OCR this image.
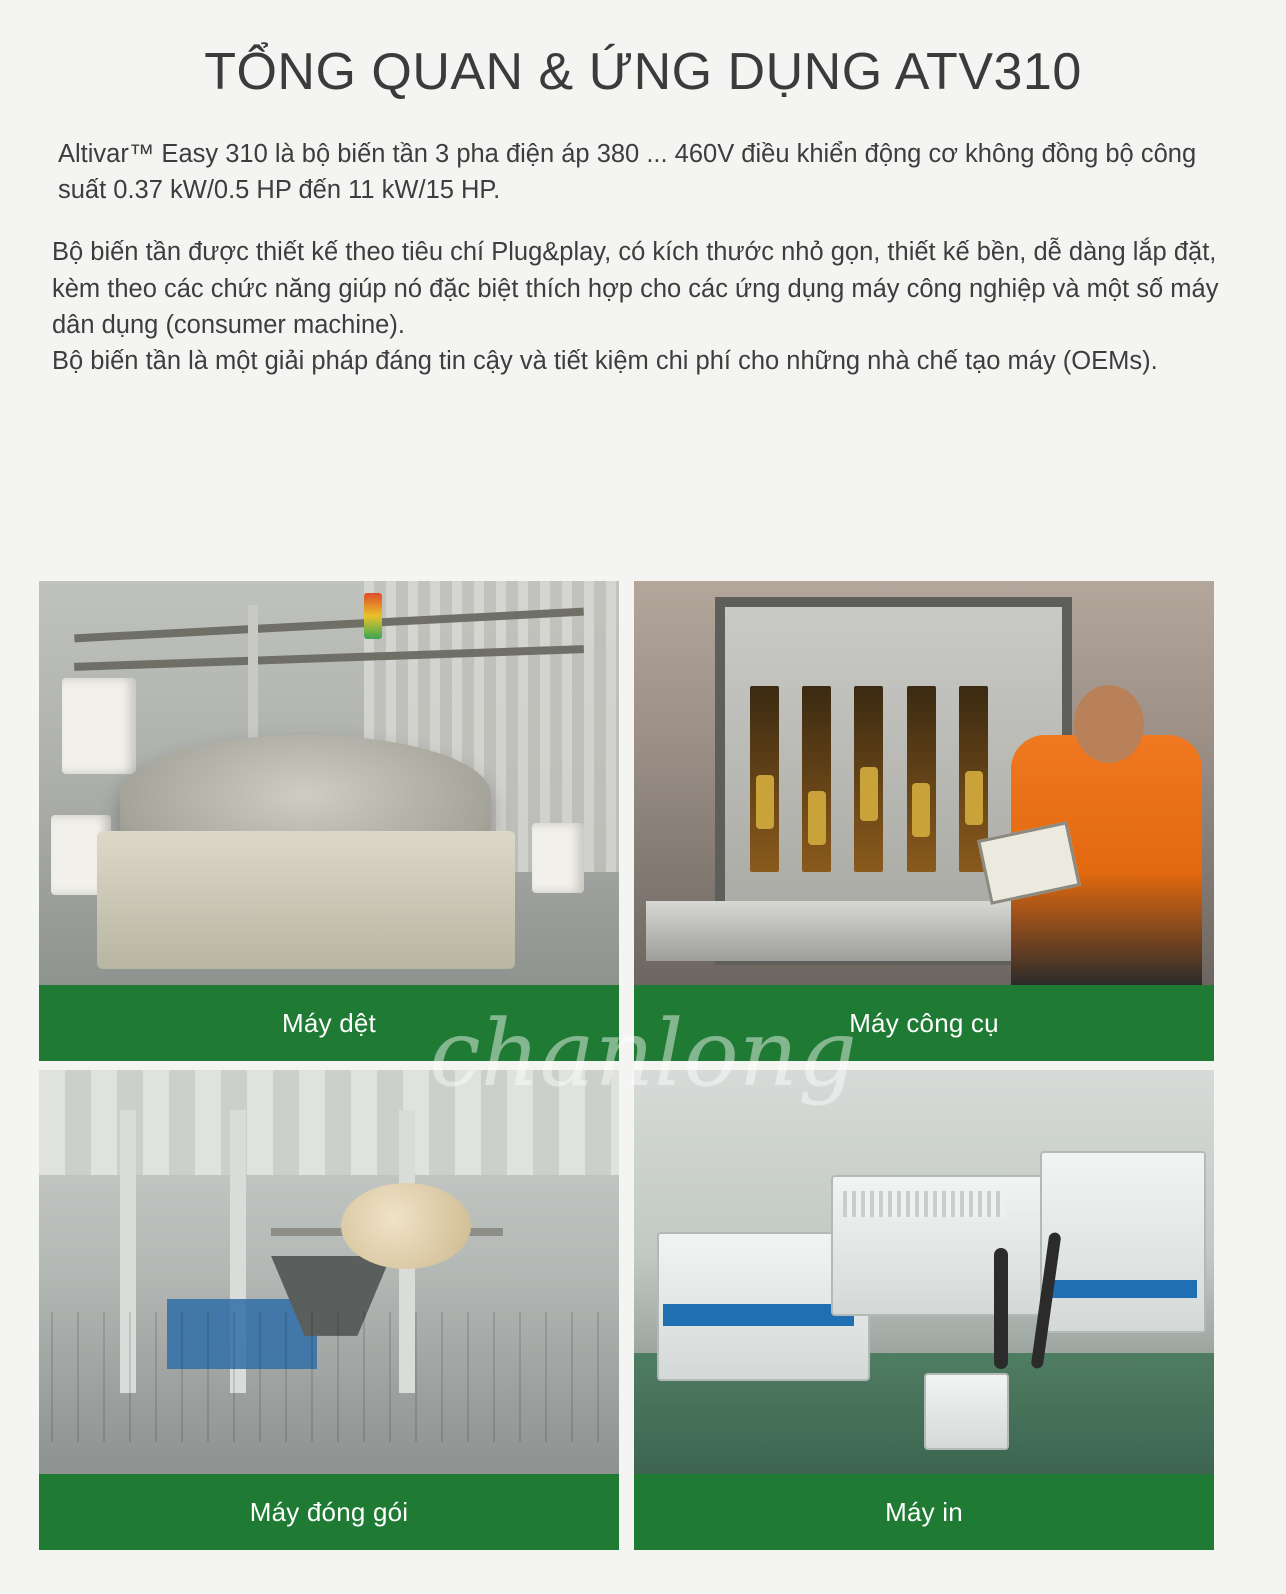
TỔNG QUAN & ỨNG DỤNG ATV310

Altivar™ Easy 310 là bộ biến tần 3 pha điện áp 380 ... 460V điều khiển động cơ không đồng bộ công suất 0.37 kW/0.5 HP đến 11 kW/15 HP.

Bộ biến tần được thiết kế theo tiêu chí Plug&play, có kích thước nhỏ gọn, thiết kế bền, dễ dàng lắp đặt, kèm theo các chức năng giúp nó đặc biệt thích hợp cho các ứng dụng máy công nghiệp và một số máy dân dụng (consumer machine).

Bộ biến tần là một giải pháp đáng tin cậy và tiết kiệm chi phí cho những nhà chế tạo máy (OEMs).

chanlong
Máy dệt	Máy công cụ
Máy đóng gói	Máy in
